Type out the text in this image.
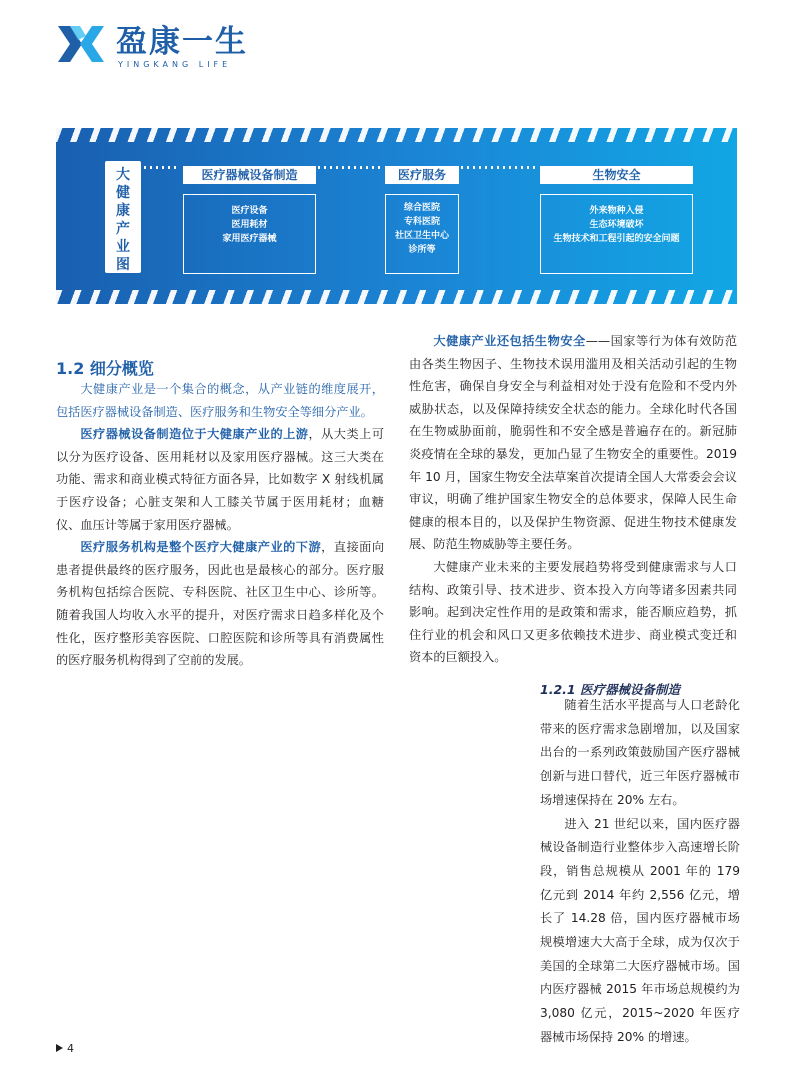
盈康一生
YINGKANG LIFE
大健康产业图
医疗器械设备制造
医疗设备
医用耗材
家用医疗器械
医疗服务
综合医院
专科医院
社区卫生中心
诊所等
生物安全
外来物种入侵
生态环境破坏
生物技术和工程引起的安全问题
1.2 细分概览

大健康产业是一个集合的概念，从产业链的维度展开，包括医疗器械设备制造、医疗服务和生物安全等细分产业。

医疗器械设备制造位于大健康产业的上游，从大类上可以分为医疗设备、医用耗材以及家用医疗器械。这三大类在功能、需求和商业模式特征方面各异，比如数字 X 射线机属于医疗设备；心脏支架和人工膝关节属于医用耗材；血糖仪、血压计等属于家用医疗器械。

医疗服务机构是整个医疗大健康产业的下游，直接面向患者提供最终的医疗服务，因此也是最核心的部分。医疗服务机构包括综合医院、专科医院、社区卫生中心、诊所等。随着我国人均收入水平的提升，对医疗需求日趋多样化及个性化，医疗整形美容医院、口腔医院和诊所等具有消费属性的医疗服务机构得到了空前的发展。

大健康产业还包括生物安全——国家等行为体有效防范由各类生物因子、生物技术误用滥用及相关活动引起的生物性危害，确保自身安全与利益相对处于没有危险和不受内外威胁状态，以及保障持续安全状态的能力。全球化时代各国在生物威胁面前，脆弱性和不安全感是普遍存在的。新冠肺炎疫情在全球的暴发，更加凸显了生物安全的重要性。2019 年 10 月，国家生物安全法草案首次提请全国人大常委会会议审议，明确了维护国家生物安全的总体要求，保障人民生命健康的根本目的，以及保护生物资源、促进生物技术健康发展、防范生物威胁等主要任务。

大健康产业未来的主要发展趋势将受到健康需求与人口结构、政策引导、技术进步、资本投入方向等诸多因素共同影响。起到决定性作用的是政策和需求，能否顺应趋势，抓住行业的机会和风口又更多依赖技术进步、商业模式变迁和资本的巨额投入。

1.2.1 医疗器械设备制造

随着生活水平提高与人口老龄化带来的医疗需求急剧增加，以及国家出台的一系列政策鼓励国产医疗器械创新与进口替代，近三年医疗器械市场增速保持在 20% 左右。

进入 21 世纪以来，国内医疗器械设备制造行业整体步入高速增长阶段，销售总规模从 2001 年的 179 亿元到 2014 年约 2,556 亿元，增长了 14.28 倍，国内医疗器械市场规模增速大大高于全球，成为仅次于美国的全球第二大医疗器械市场。国内医疗器械 2015 年市场总规模约为 3,080 亿元，2015~2020 年医疗器械市场保持 20% 的增速。

4
